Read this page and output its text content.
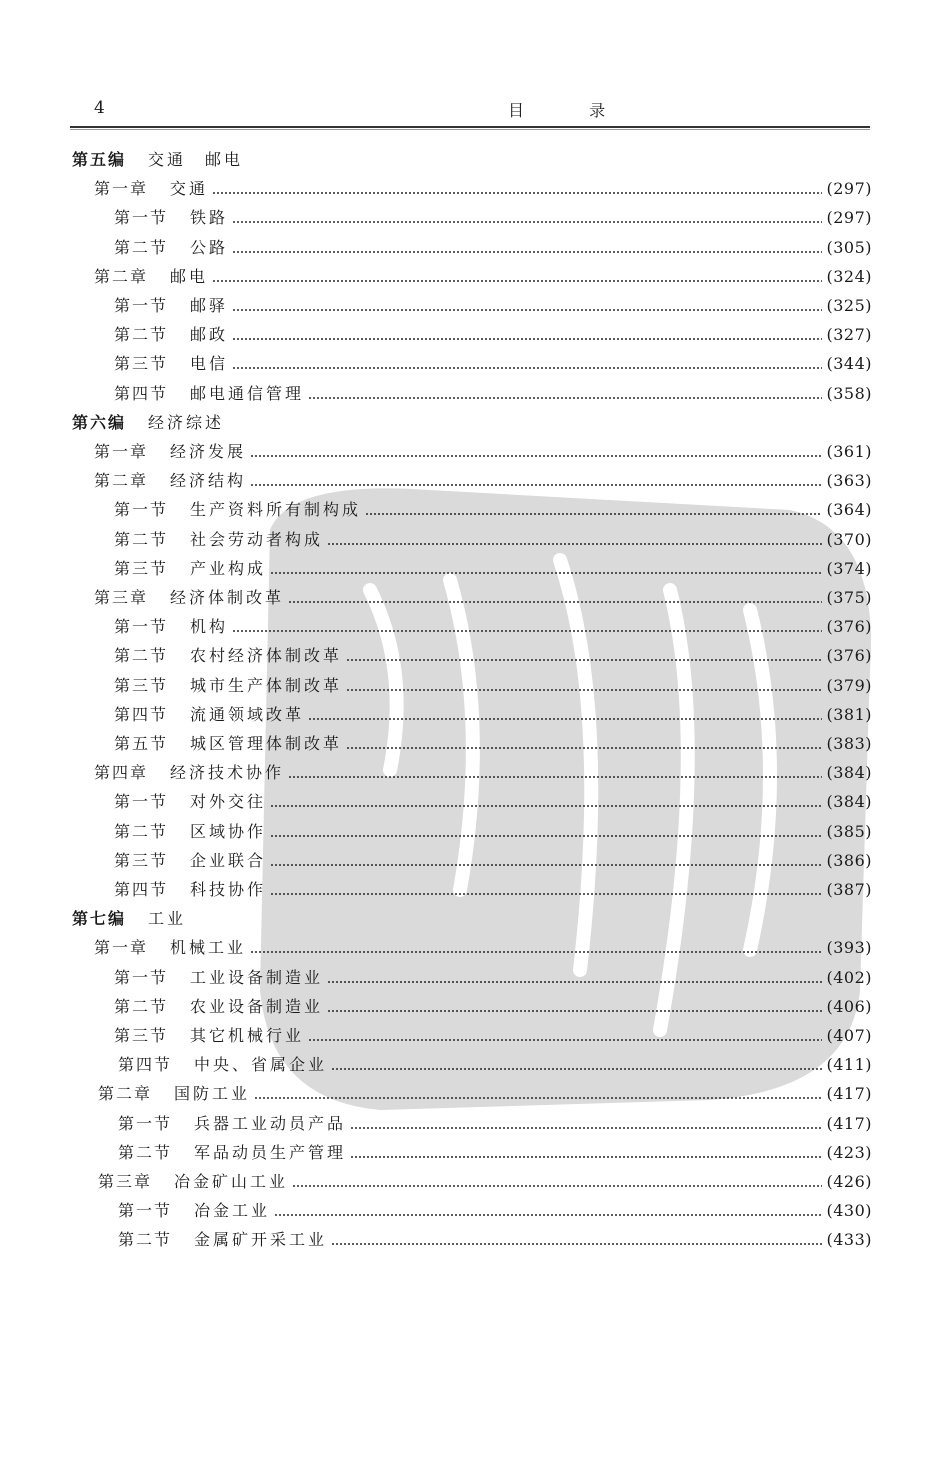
4	目 录
第五编 交通　邮电
第一章 交通	(297)
第一节 铁路	(297)
第二节 公路	(305)
第二章 邮电	(324)
第一节 邮驿	(325)
第二节 邮政	(327)
第三节 电信	(344)
第四节 邮电通信管理	(358)
第六编 经济综述
第一章 经济发展	(361)
第二章 经济结构	(363)
第一节 生产资料所有制构成	(364)
第二节 社会劳动者构成	(370)
第三节 产业构成	(374)
第三章 经济体制改革	(375)
第一节 机构	(376)
第二节 农村经济体制改革	(376)
第三节 城市生产体制改革	(379)
第四节 流通领域改革	(381)
第五节 城区管理体制改革	(383)
第四章 经济技术协作	(384)
第一节 对外交往	(384)
第二节 区域协作	(385)
第三节 企业联合	(386)
第四节 科技协作	(387)
第七编 工业
第一章 机械工业	(393)
第一节 工业设备制造业	(402)
第二节 农业设备制造业	(406)
第三节 其它机械行业	(407)
第四节 中央、省属企业	(411)
第二章 国防工业	(417)
第一节 兵器工业动员产品	(417)
第二节 军品动员生产管理	(423)
第三章 冶金矿山工业	(426)
第一节 冶金工业	(430)
第二节 金属矿开采工业	(433)
